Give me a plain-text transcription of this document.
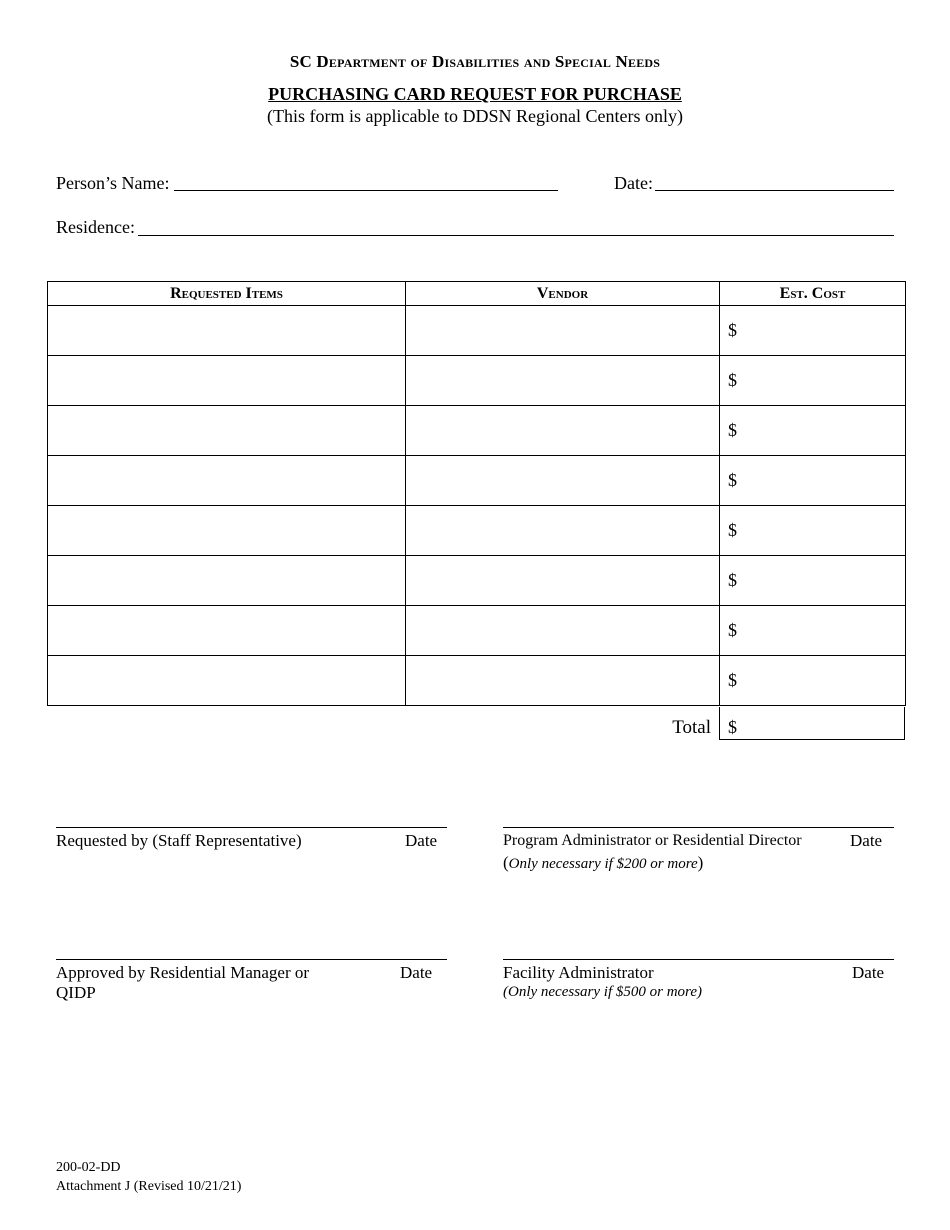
SC Department of Disabilities and Special Needs
PURCHASING CARD REQUEST FOR PURCHASE
(This form is applicable to DDSN Regional Centers only)
Person’s Name:	Date:
Residence:
Requested Items	Vendor	Est. Cost
		$
		$
		$
		$
		$
		$
		$
		$
Total $
Requested by (Staff Representative)	Date	Program Administrator or Residential Director	Date
(Only necessary if $200 or more)
Approved by Residential Manager or
QIDP
Date	Facility Administrator	Date
(Only necessary if $500 or more)
200-02-DD
Attachment J (Revised 10/21/21)
